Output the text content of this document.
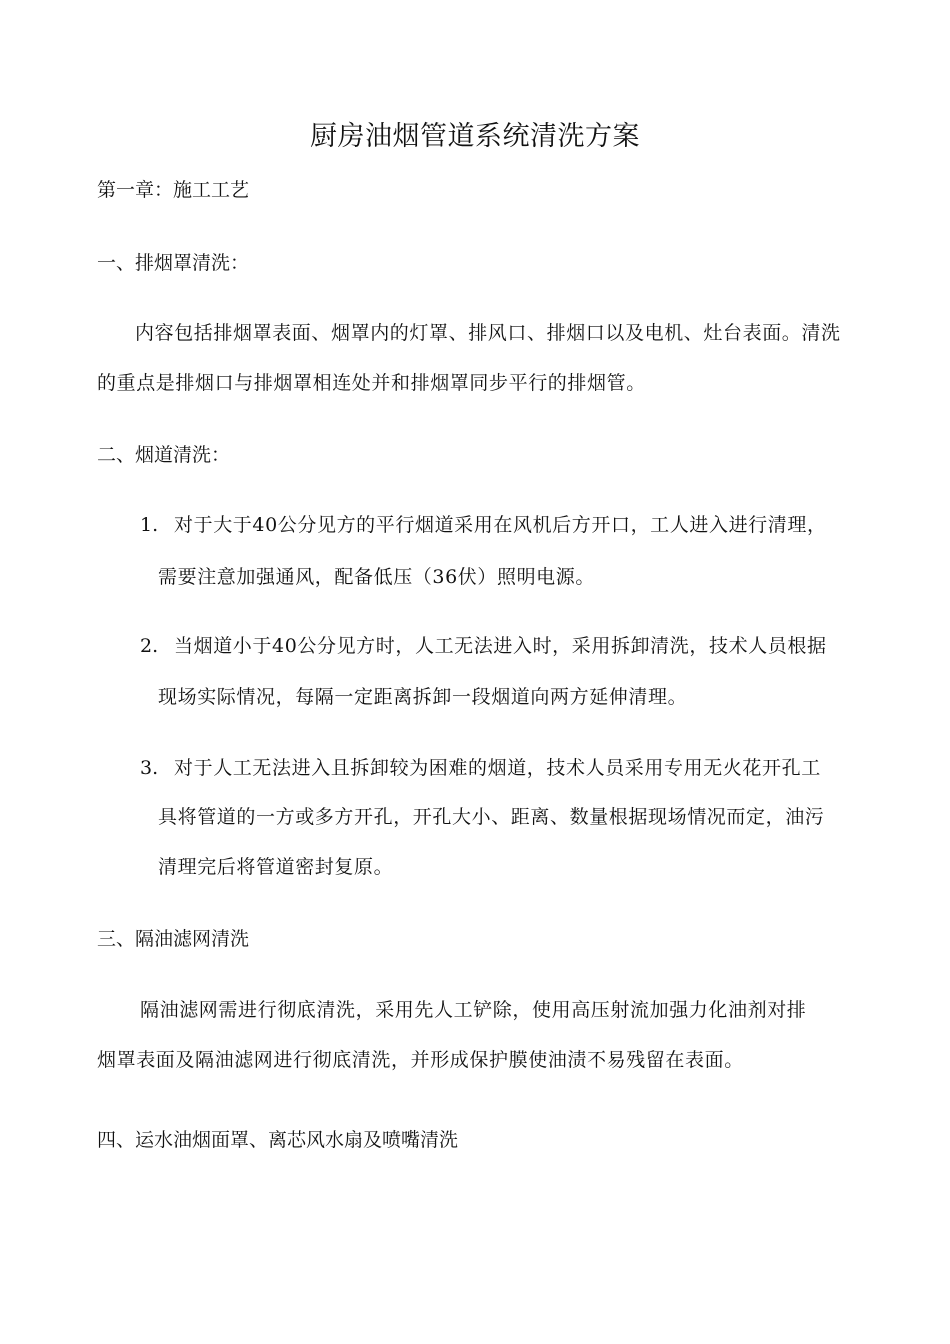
厨房油烟管道系统清洗方案
第一章：施工工艺
一、排烟罩清洗：
内容包括排烟罩表面、烟罩内的灯罩、排风口、排烟口以及电机、灶台表面。清洗
的重点是排烟口与排烟罩相连处并和排烟罩同步平行的排烟管。
二、烟道清洗：
1. 对于大于40公分见方的平行烟道采用在风机后方开口，工人进入进行清理，
需要注意加强通风，配备低压（36伏）照明电源。
2. 当烟道小于40公分见方时，人工无法进入时，采用拆卸清洗，技术人员根据
现场实际情况，每隔一定距离拆卸一段烟道向两方延伸清理。
3. 对于人工无法进入且拆卸较为困难的烟道，技术人员采用专用无火花开孔工
具将管道的一方或多方开孔，开孔大小、距离、数量根据现场情况而定，油污
清理完后将管道密封复原。
三、隔油滤网清洗
隔油滤网需进行彻底清洗，采用先人工铲除，使用高压射流加强力化油剂对排
烟罩表面及隔油滤网进行彻底清洗，并形成保护膜使油渍不易残留在表面。
四、运水油烟面罩、离芯风水扇及喷嘴清洗
